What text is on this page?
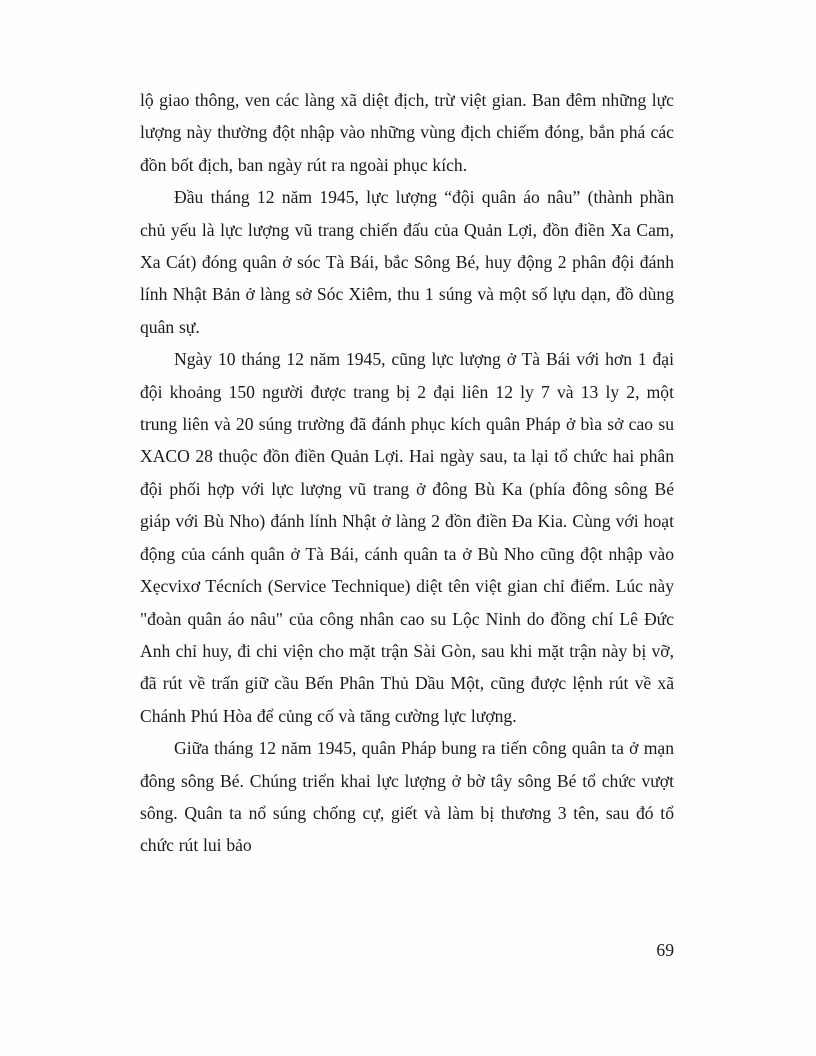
lộ giao thông, ven các làng xã diệt địch, trừ việt gian. Ban đêm những lực lượng này thường đột nhập vào những vùng địch chiếm đóng, bắn phá các đồn bốt địch, ban ngày rút ra ngoài phục kích.

Đầu tháng 12 năm 1945, lực lượng “đội quân áo nâu” (thành phần chủ yếu là lực lượng vũ trang chiến đấu của Quản Lợi, đồn điền Xa Cam, Xa Cát) đóng quân ở sóc Tà Bái, bắc Sông Bé, huy động 2 phân đội đánh lính Nhật Bản ở làng sở Sóc Xiêm, thu 1 súng và một số lựu dạn, đồ dùng quân sự.

Ngày 10 tháng 12 năm 1945, cũng lực lượng ở Tà Bái với hơn 1 đại đội khoảng 150 người được trang bị 2 đại liên 12 ly 7 và 13 ly 2, một trung liên và 20 súng trường đã đánh phục kích quân Pháp ở bìa sở cao su XACO 28 thuộc đồn điền Quản Lợi. Hai ngày sau, ta lại tổ chức hai phân đội phối hợp với lực lượng vũ trang ở đông Bù Ka (phía đông sông Bé giáp với Bù Nho) đánh lính Nhật ở làng 2 đồn điền Đa Kia. Cùng với hoạt động của cánh quân ở Tà Bái, cánh quân ta ở Bù Nho cũng đột nhập vào Xẹcvixơ Técních (Service Technique) diệt tên việt gian chỉ điểm. Lúc này "đoàn quân áo nâu" của công nhân cao su Lộc Ninh do đồng chí Lê Đức Anh chỉ huy, đi chi viện cho mặt trận Sài Gòn, sau khi mặt trận này bị vỡ, đã rút về trấn giữ cầu Bến Phân Thủ Dầu Một, cũng được lệnh rút về xã Chánh Phú Hòa để củng cố và tăng cường lực lượng.

Giữa tháng 12 năm 1945, quân Pháp bung ra tiến công quân ta ở mạn đông sông Bé. Chúng triển khai lực lượng ở bờ tây sông Bé tổ chức vượt sông. Quân ta nổ súng chống cự, giết và làm bị thương 3 tên, sau đó tổ chức rút lui bảo

69
